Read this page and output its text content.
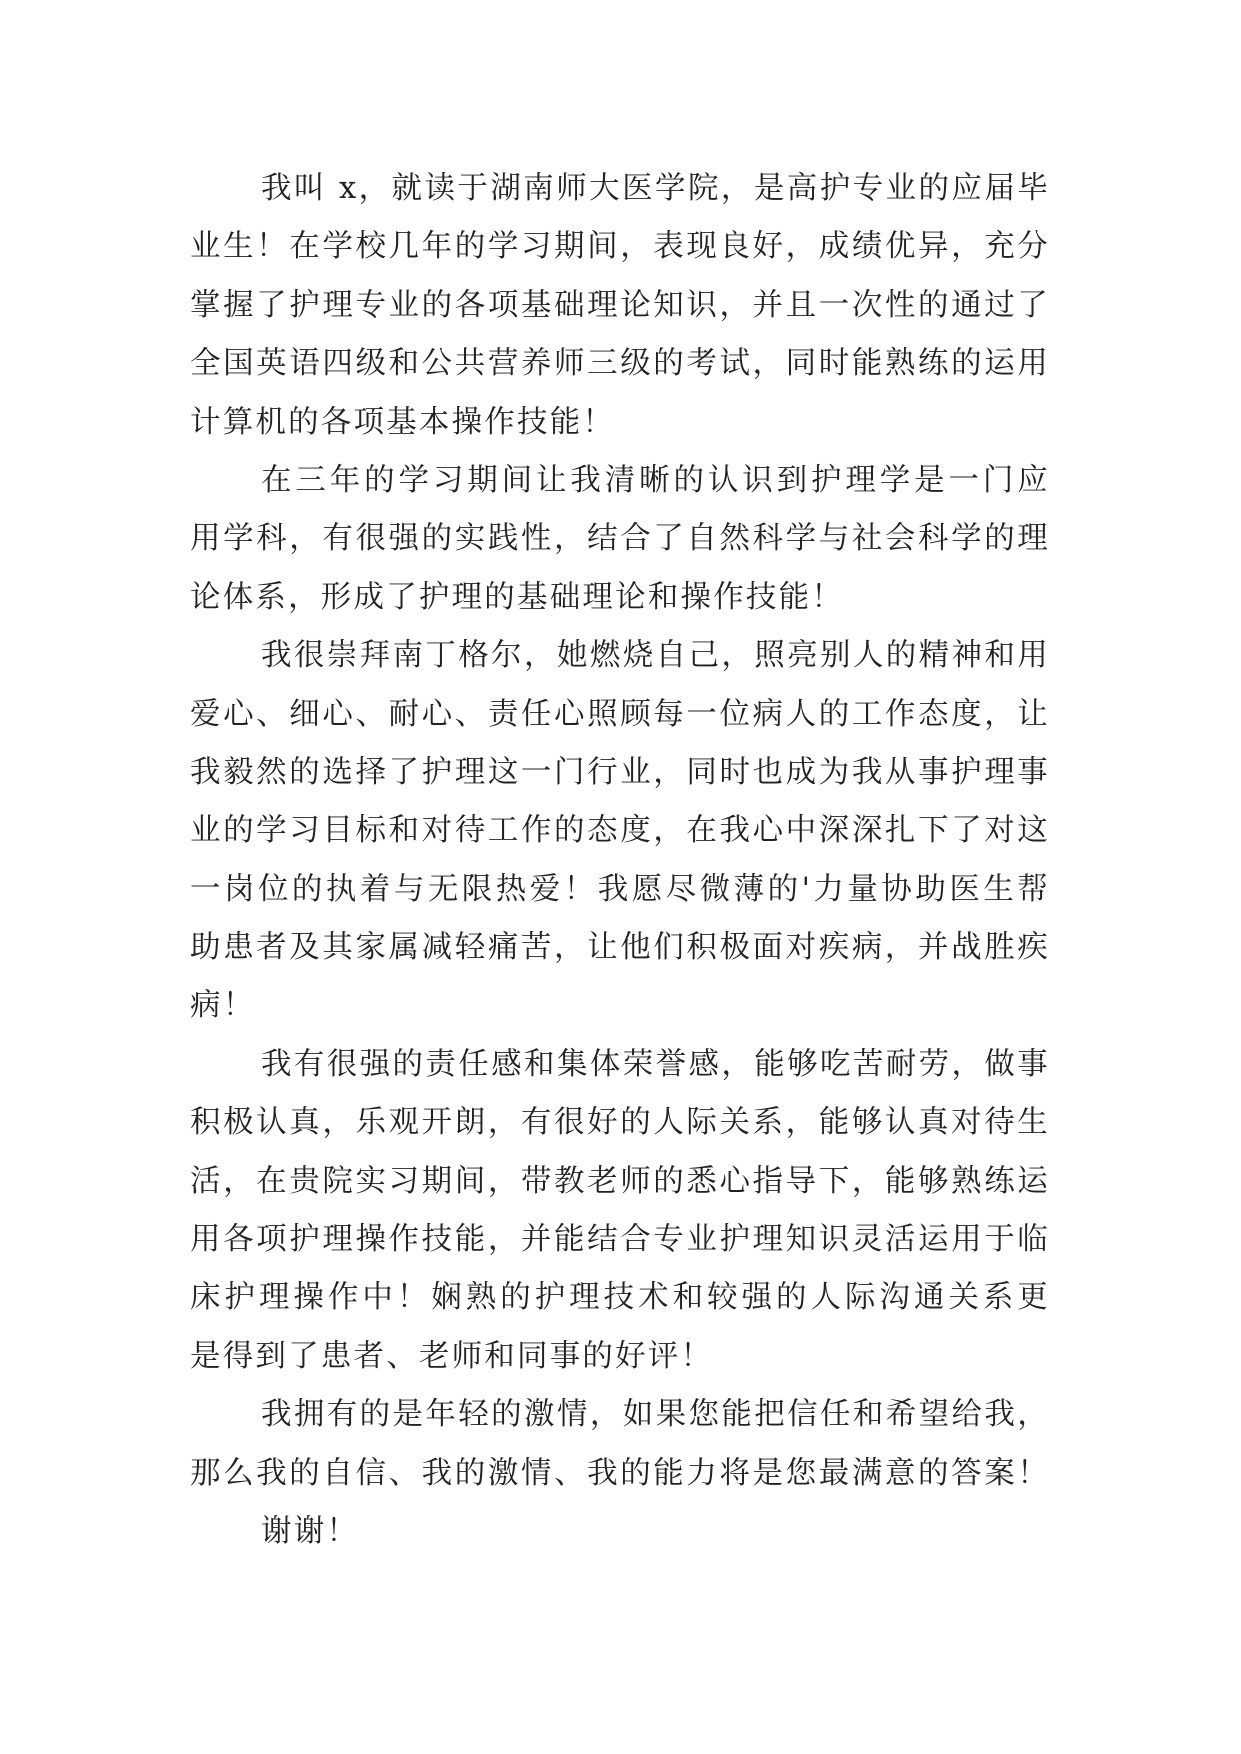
我叫 x，就读于湖南师大医学院，是高护专业的应届毕
业生！在学校几年的学习期间，表现良好，成绩优异，充分
掌握了护理专业的各项基础理论知识，并且一次性的通过了
全国英语四级和公共营养师三级的考试，同时能熟练的运用
计算机的各项基本操作技能！
在三年的学习期间让我清晰的认识到护理学是一门应
用学科，有很强的实践性，结合了自然科学与社会科学的理
论体系，形成了护理的基础理论和操作技能！
我很崇拜南丁格尔，她燃烧自己，照亮别人的精神和用
爱心、细心、耐心、责任心照顾每一位病人的工作态度，让
我毅然的选择了护理这一门行业，同时也成为我从事护理事
业的学习目标和对待工作的态度，在我心中深深扎下了对这
一岗位的执着与无限热爱！我愿尽微薄的'力量协助医生帮
助患者及其家属减轻痛苦，让他们积极面对疾病，并战胜疾
病！
我有很强的责任感和集体荣誉感，能够吃苦耐劳，做事
积极认真，乐观开朗，有很好的人际关系，能够认真对待生
活，在贵院实习期间，带教老师的悉心指导下，能够熟练运
用各项护理操作技能，并能结合专业护理知识灵活运用于临
床护理操作中！娴熟的护理技术和较强的人际沟通关系更
是得到了患者、老师和同事的好评！
我拥有的是年轻的激情，如果您能把信任和希望给我，
那么我的自信、我的激情、我的能力将是您最满意的答案！
谢谢！
